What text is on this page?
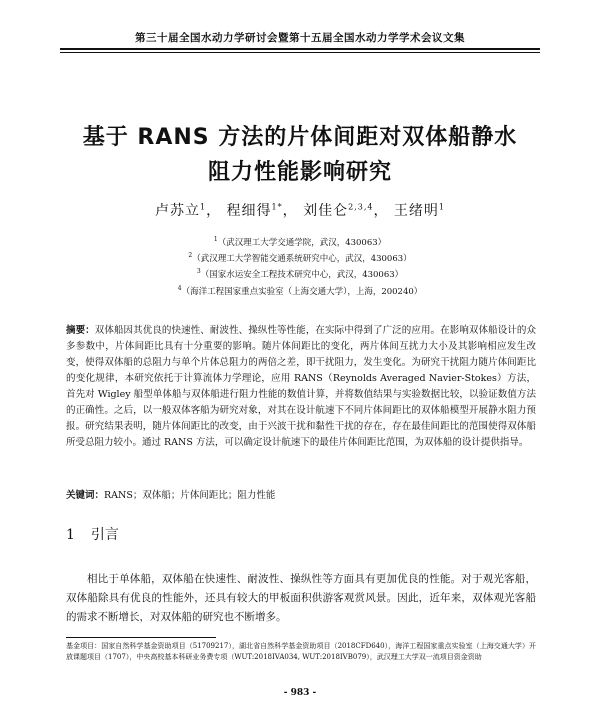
第三十届全国水动力学研讨会暨第十五届全国水动力学学术会议文集
基于 RANS 方法的片体间距对双体船静水
阻力性能影响研究
卢苏立$^1$， 程细得$^{1*}$， 刘佳仑$^{2,3,4}$， 王绪明$^1$
$^1$（武汉理工大学交通学院，武汉，430063）
$^2$（武汉理工大学智能交通系统研究中心，武汉，430063）
$^3$（国家水运安全工程技术研究中心，武汉，430063）
$^4$（海洋工程国家重点实验室（上海交通大学），上海，200240）
摘要：双体船因其优良的快速性、耐波性、操纵性等性能，在实际中得到了广泛的应用。在影响双体船设计的众多参数中，片体间距比具有十分重要的影响。随片体间距比的变化，两片体间互扰力大小及其影响相应发生改变，使得双体船的总阻力与单个片体总阻力的两倍之差，即干扰阻力，发生变化。为研究干扰阻力随片体间距比的变化规律，本研究依托于计算流体力学理论，应用 RANS（Reynolds Averaged Navier-Stokes）方法，首先对 Wigley 船型单体船与双体船进行阻力性能的数值计算，并将数值结果与实验数据比较，以验证数值方法的正确性。之后，以一般双体客船为研究对象，对其在设计航速下不同片体间距比的双体船模型开展静水阻力预报。研究结果表明，随片体间距比的改变，由于兴波干扰和黏性干扰的存在，存在最佳间距比的范围使得双体船所受总阻力较小。通过 RANS 方法，可以确定设计航速下的最佳片体间距比范围，为双体船的设计提供指导。
关键词：RANS；双体船；片体间距比；阻力性能
1 引言
相比于单体船，双体船在快速性、耐波性、操纵性等方面具有更加优良的性能。对于观光客船，双体船除具有优良的性能外，还具有较大的甲板面积供游客观赏风景。因此，近年来，双体观光客船的需求不断增长，对双体船的研究也不断增多。
基金项目：国家自然科学基金资助项目（51709217），湖北省自然科学基金资助项目（2018CFD640），海洋工程国家重点实验室（上海交通大学）开放课题项目（1707），中央高校基本科研业务费专项（WUT:2018IVA034, WUT:2018IVB079），武汉理工大学双一流项目资金资助
- 983 -
